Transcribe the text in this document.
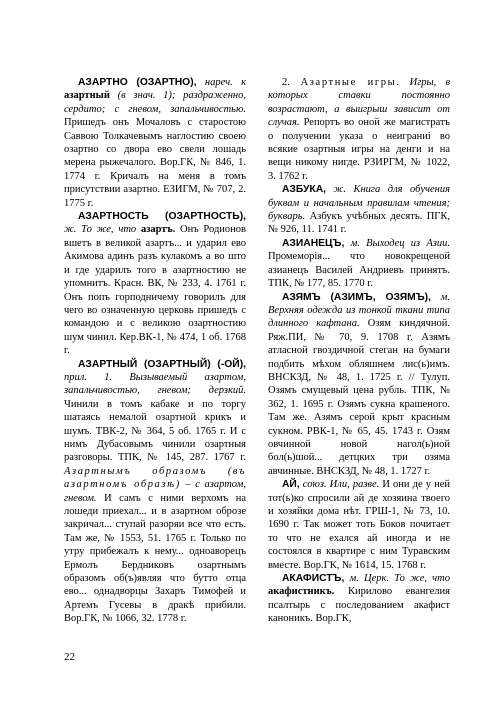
АЗАРТНО (ОЗАРТНО), нареч. к азартный (в знач. 1); раздраженно, сердито; с гневом, запальчивостью. Пришедъ онъ Мочаловъ с старостою Саввою Толкачевымъ наглостию своею озартно со двора ево свели лошадь мерена рыжечалого. Вор.ГК, № 846, 1. 1774 г. Кричалъ на меня в томъ присутствии азартно. ЕЗИГМ, № 707, 2. 1775 г.

АЗАРТНОСТЬ (ОЗАРТНОСТЬ), ж. То же, что азартъ. Онъ Родионов вшетъ в великой азартъ... и ударил ево Акимова адинъ разъ кулакомъ а во што и где ударилъ того в азартностию не упомнитъ. Красн. ВК, № 233, 4. 1761 г. Онъ попъ горподничему говорилъ для чего во означенную церковь пришедъ с командою и с великою озартностию шум чинил. Кер.ВК-1, № 474, 1 об. 1768 г.

АЗАРТНЫЙ (ОЗАРТНЫЙ) (-ОЙ), прил. 1. Вызываемый азартом, запальчивостью, гневом; дерзкий. Чинили в томъ кабаке и по торгу шатаясь немалой озартной крикъ и шумъ. ТВК-2, № 364, 5 об. 1765 г. И с нимъ Дубасовымъ чинили озартныя разговоры. ТПК, № 145, 287. 1767 г. Азартнымъ образомъ (въ азартномъ образѣ) – с азартом, гневом. И самъ с ними верхомъ на лошеди приехал... и в азартном оброзе закричал... ступай разоряи все что есть. Там же, № 1553, 51. 1765 г. Только по утру прибежалъ к нему... одноаворецъ Ермолъ Бердниковъ озартнымъ образомъ об(ъ)являя что бутто отца ево... однадворцы Захаръ Тимофей и Артемъ Гусевы в дракѣ прибили. Вор.ГК, № 1066, 32. 1778 г.

2. Азартные игры. Игры, в которых ставки постоянно возрастают, а выигрыш зависит от случая. Репортъ во оной же магистратъ о получении указа о неиграниі во всякие озартныя игры на денги и на вещи никому нигде. РЗИРГМ, № 1022, 3. 1762 г.

АЗБУКА, ж. Книга для обучения буквам и начальным правилам чтения; букварь. Азбукъ учѣбных десять. ПГК, № 926, 11. 1741 г.

АЗИАНЕЦЪ, м. Выходец из Азии. Промеморія... что новокрещеной азианецъ Василей Андриевъ принятъ. ТПК, № 177, 85. 1770 г.

АЗЯМЪ (АЗИМЪ, ОЗЯМЪ), м. Верхняя одежда из тонкой ткани типа длинного кафтана. Озям киндячной. Ряж.ПИ, № 70, 9. 1708 г. Азямъ атласной гвоздичной стеган на бумаги подбить мѣхом обляшнем лис(ь)имъ. ВНСКЗД, № 48, 1. 1725 г. // Тулуп. Озямъ смущевый цена рубль. ТПК, № 362, 1. 1695 г. Озямъ сукна крашеного. Там же. Азямъ серой крыт красным сукном. РВК-1, № 65, 45. 1743 г. Озям овчинной новой нагол(ь)ной бол(ь)шой... детцких три озяма авчинные. ВНСКЗД, № 48, 1. 1727 г.

АЙ, союз. Или, разве. И они де у ней тот(ь)ко спросили ай де хозяина твоего и хозяйки дома нѣт. ГРШ-1, № 73, 10. 1690 г. Так может тоть Боков почитает то что не ехался ай иногда и не состоялся в квартире с ним Туравским вместе. Вор.ГК, № 1614, 15. 1768 г.

АКАФИСТЪ, м. Церк. То же, что акафистникъ. Кирилово евангелия псалтырь с последованием акафист каноникъ. Вор.ГК,

22
